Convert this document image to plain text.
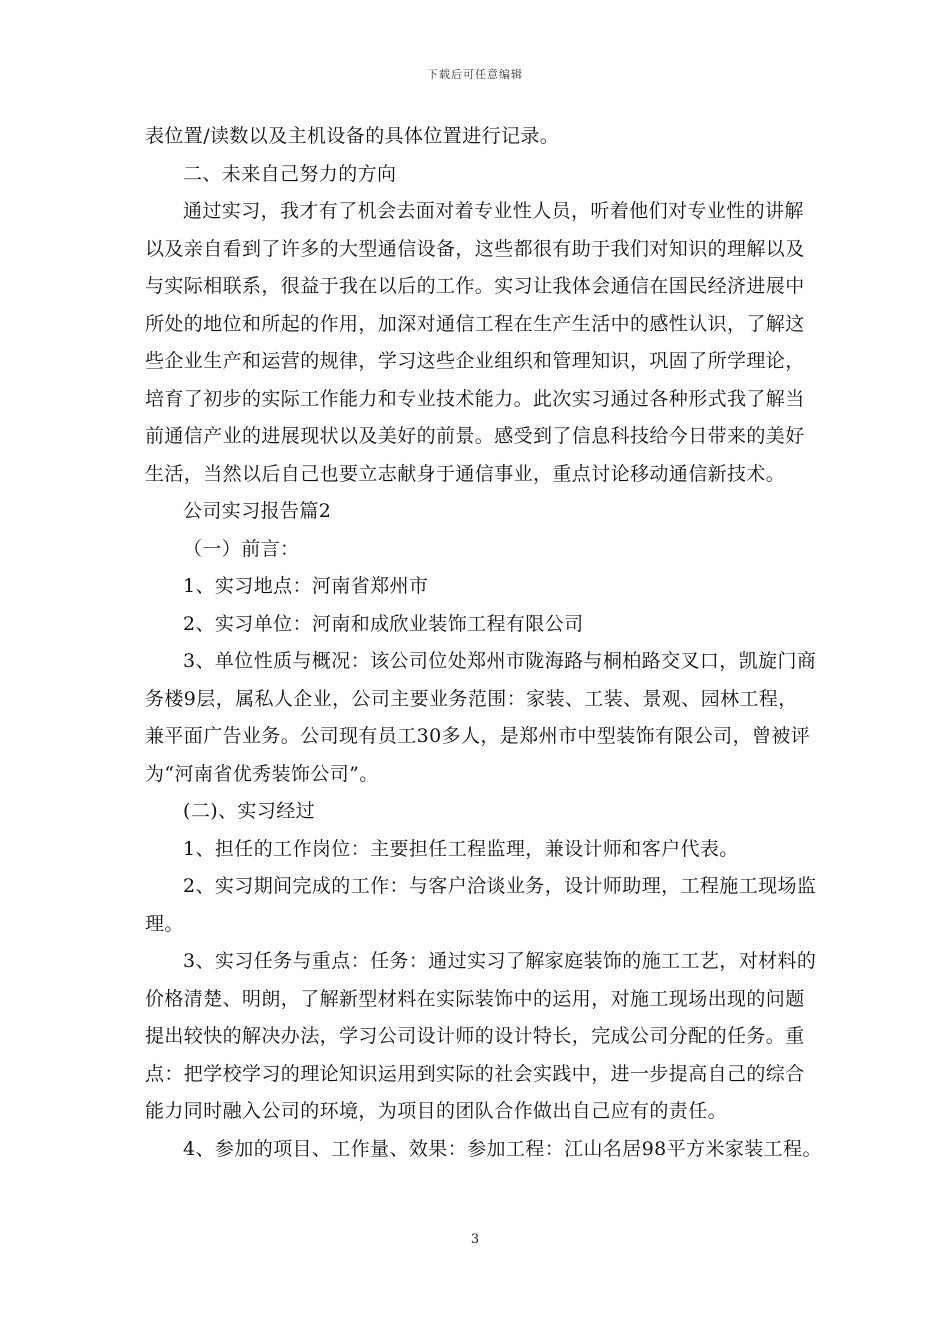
下载后可任意编辑
表位置/读数以及主机设备的具体位置进行记录。
二、未来自己努力的方向
通过实习，我才有了机会去面对着专业性人员，听着他们对专业性的讲解
以及亲自看到了许多的大型通信设备，这些都很有助于我们对知识的理解以及
与实际相联系，很益于我在以后的工作。实习让我体会通信在国民经济进展中
所处的地位和所起的作用，加深对通信工程在生产生活中的感性认识，了解这
些企业生产和运营的规律，学习这些企业组织和管理知识，巩固了所学理论，
培育了初步的实际工作能力和专业技术能力。此次实习通过各种形式我了解当
前通信产业的进展现状以及美好的前景。感受到了信息科技给今日带来的美好
生活，当然以后自己也要立志献身于通信事业，重点讨论移动通信新技术。
公司实习报告篇2
（一）前言：
1、实习地点：河南省郑州市
2、实习单位：河南和成欣业装饰工程有限公司
3、单位性质与概况：该公司位处郑州市陇海路与桐柏路交叉口，凯旋门商
务楼9层，属私人企业，公司主要业务范围：家装、工装、景观、园林工程，
兼平面广告业务。公司现有员工30多人，是郑州市中型装饰有限公司，曾被评
为“河南省优秀装饰公司”。
(二)、实习经过
1、担任的工作岗位：主要担任工程监理，兼设计师和客户代表。
2、实习期间完成的工作：与客户洽谈业务，设计师助理，工程施工现场监
理。
3、实习任务与重点：任务：通过实习了解家庭装饰的施工工艺，对材料的
价格清楚、明朗，了解新型材料在实际装饰中的运用，对施工现场出现的问题
提出较快的解决办法，学习公司设计师的设计特长，完成公司分配的任务。重
点：把学校学习的理论知识运用到实际的社会实践中，进一步提高自己的综合
能力同时融入公司的环境，为项目的团队合作做出自己应有的责任。
4、参加的项目、工作量、效果：参加工程：江山名居98平方米家装工程。
3
